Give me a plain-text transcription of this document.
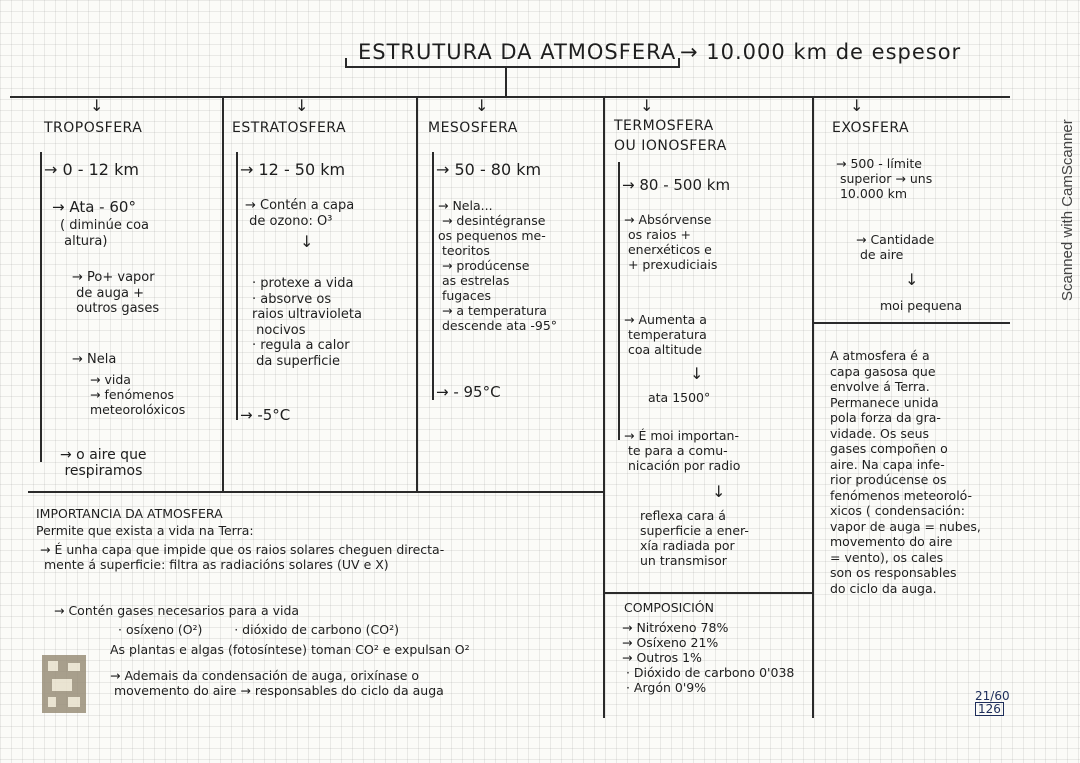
ESTRUTURA DA ATMOSFERA → 10.000 km de espesor
↓	↓	↓	↓	↓
TROPOSFERA
→ 0 - 12 km
→ Ata - 60°
( diminúe coa
altura)
→ Po+ vapor
de auga +
outros gases
→ Nela
→ vida
→ fenómenos
meteorolóxicos
→ o aire que
respiramos
ESTRATOSFERA
→ 12 - 50 km
→ Contén a capa
de ozono: O³
↓
· protexe a vida
· absorve os
raios ultravioleta
nocivos
· regula a calor
da superficie
→ -5°C
MESOSFERA
→ 50 - 80 km
→ Nela...
→ desintégranse
os pequenos me-
teoritos
→ prodúcense
as estrelas
fugaces
→ a temperatura
descende ata -95°
→ - 95°C
TERMOSFERA
OU IONOSFERA
→ 80 - 500 km
→ Absórvense
os raios +
enerxéticos e
+ prexudiciais
→ Aumenta a
temperatura
coa altitude
↓
ata 1500°
→ É moi importan-
te para a comu-
nicación por radio
↓
reflexa cara á
superficie a ener-
xía radiada por
un transmisor
EXOSFERA
→ 500 - límite
superior → uns
10.000 km
→ Cantidade
de aire
↓
moi pequena
A atmosfera é a
capa gasosa que
envolve á Terra.
Permanece unida
pola forza da gra-
vidade. Os seus
gases compoñen o
aire. Na capa infe-
rior prodúcense os
fenómenos meteoroló-
xicos ( condensación:
vapor de auga = nubes,
movemento do aire
= vento), os cales
son os responsables
do ciclo da auga.
IMPORTANCIA DA ATMOSFERA
Permite que exista a vida na Terra:
→ É unha capa que impide que os raios solares cheguen directa-
mente á superficie: filtra as radiacións solares (UV e X)
→ Contén gases necesarios para a vida
· osíxeno (O²)        · dióxido de carbono (CO²)
As plantas e algas (fotosíntese) toman CO² e expulsan O²
→ Ademais da condensación de auga, orixínase o
movemento do aire → responsables do ciclo da auga
COMPOSICIÓN
→ Nitróxeno 78%
→ Osíxeno 21%
→ Outros 1%
· Dióxido de carbono 0'038
· Argón 0'9%
21/60
126
Scanned with CamScanner
